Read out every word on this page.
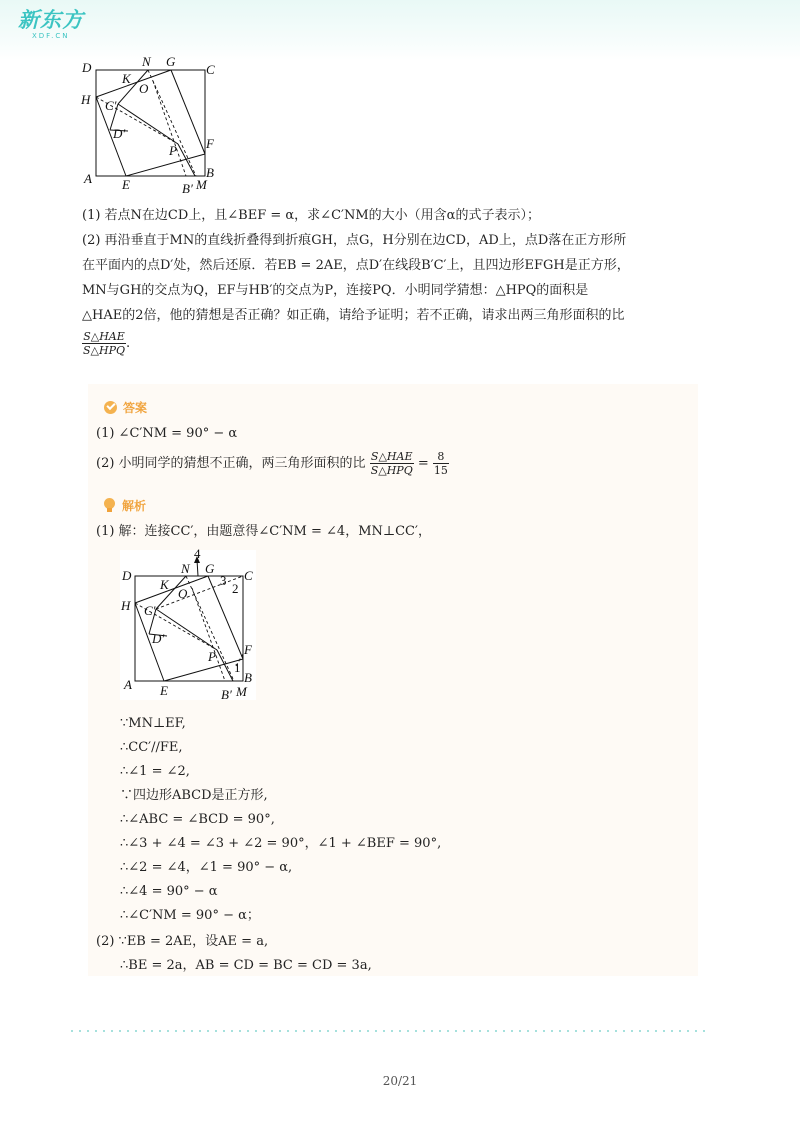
新东方
XDF.CN
D	N G
C
K
O
H C′
D′
P F
B
A E	B′ M

(1) 若点N在边CD上，且∠BEF = α，求∠C′NM的大小（用含α的式子表示）；

(2) 再沿垂直于MN的直线折叠得到折痕GH，点G，H分别在边CD，AD上，点D落在正方形所

在平面内的点D′处，然后还原．若EB = 2AE，点D′在线段B′C′上，且四边形EFGH是正方形，

MN与GH的交点为Q，EF与HB′的交点为P，连接PQ．小明同学猜想：△HPQ的面积是

△HAE的2倍，他的猜想是否正确？如正确，请给予证明；若不正确，请求出两三角形面积的比

$\frac{\text{S△HAE}}{\text{S△HPQ}}$ .

答案
(1) ∠C′NM = 90° − α
(2) 小明同学的猜想不正确，两三角形面积的比 $\frac{\text{S△HAE}}{\text{S△HPQ}} = \frac{8}{15}$
解析
(1) 解：连接CC′，由题意得∠C′NM = ∠4，MN⊥CC′，
4
N G
D	C
K	3
O	2
H C′
D′
P F
1
B
A E	B′ M
∵MN⊥EF,
∴CC′//FE,
∴∠1 = ∠2,
∵四边形ABCD是正方形,
∴∠ABC = ∠BCD = 90°,
∴∠3 + ∠4 = ∠3 + ∠2 = 90°，∠1 + ∠BEF = 90°,
∴∠2 = ∠4，∠1 = 90° − α,
∴∠4 = 90° − α
∴∠C′NM = 90° − α；
(2) ∵EB = 2AE，设AE = a,
∴BE = 2a，AB = CD = BC = CD = 3a,
20/21
